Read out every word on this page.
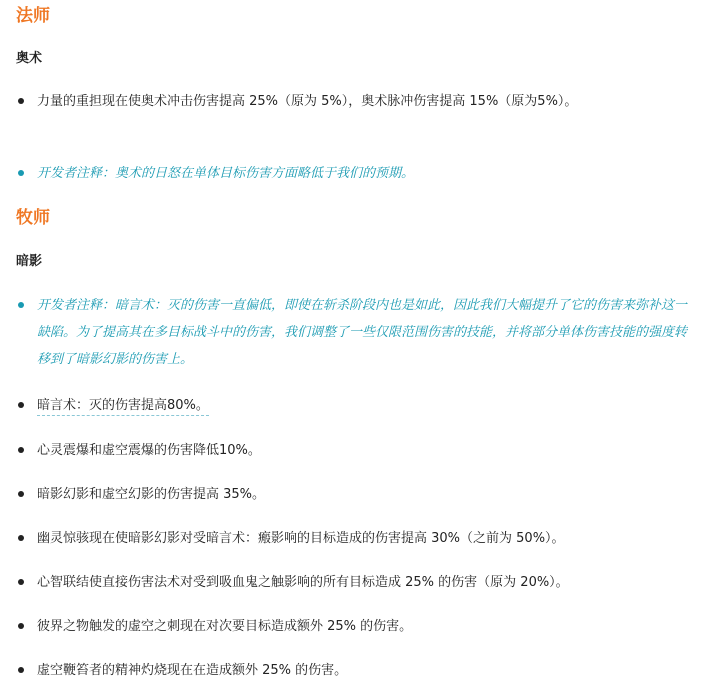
法师
奥术
力量的重担现在使奥术冲击伤害提高 25%（原为 5%），奥术脉冲伤害提高 15%（原为5%）。
开发者注释：奥术的日怒在单体目标伤害方面略低于我们的预期。
牧师
暗影
开发者注释：暗言术：灭的伤害一直偏低，即使在斩杀阶段内也是如此，因此我们大幅提升了它的伤害来弥补这一缺陷。为了提高其在多目标战斗中的伤害，我们调整了一些仅限范围伤害的技能，并将部分单体伤害技能的强度转移到了暗影幻影的伤害上。
暗言术：灭的伤害提高80%。
心灵震爆和虚空震爆的伤害降低10%。
暗影幻影和虚空幻影的伤害提高 35%。
幽灵惊骇现在使暗影幻影对受暗言术：瘢影响的目标造成的伤害提高 30%（之前为 50%）。
心智联结使直接伤害法术对受到吸血鬼之触影响的所有目标造成 25% 的伤害（原为 20%）。
彼界之物触发的虚空之刺现在对次要目标造成额外 25% 的伤害。
虚空鞭笞者的精神灼烧现在在造成额外 25% 的伤害。
